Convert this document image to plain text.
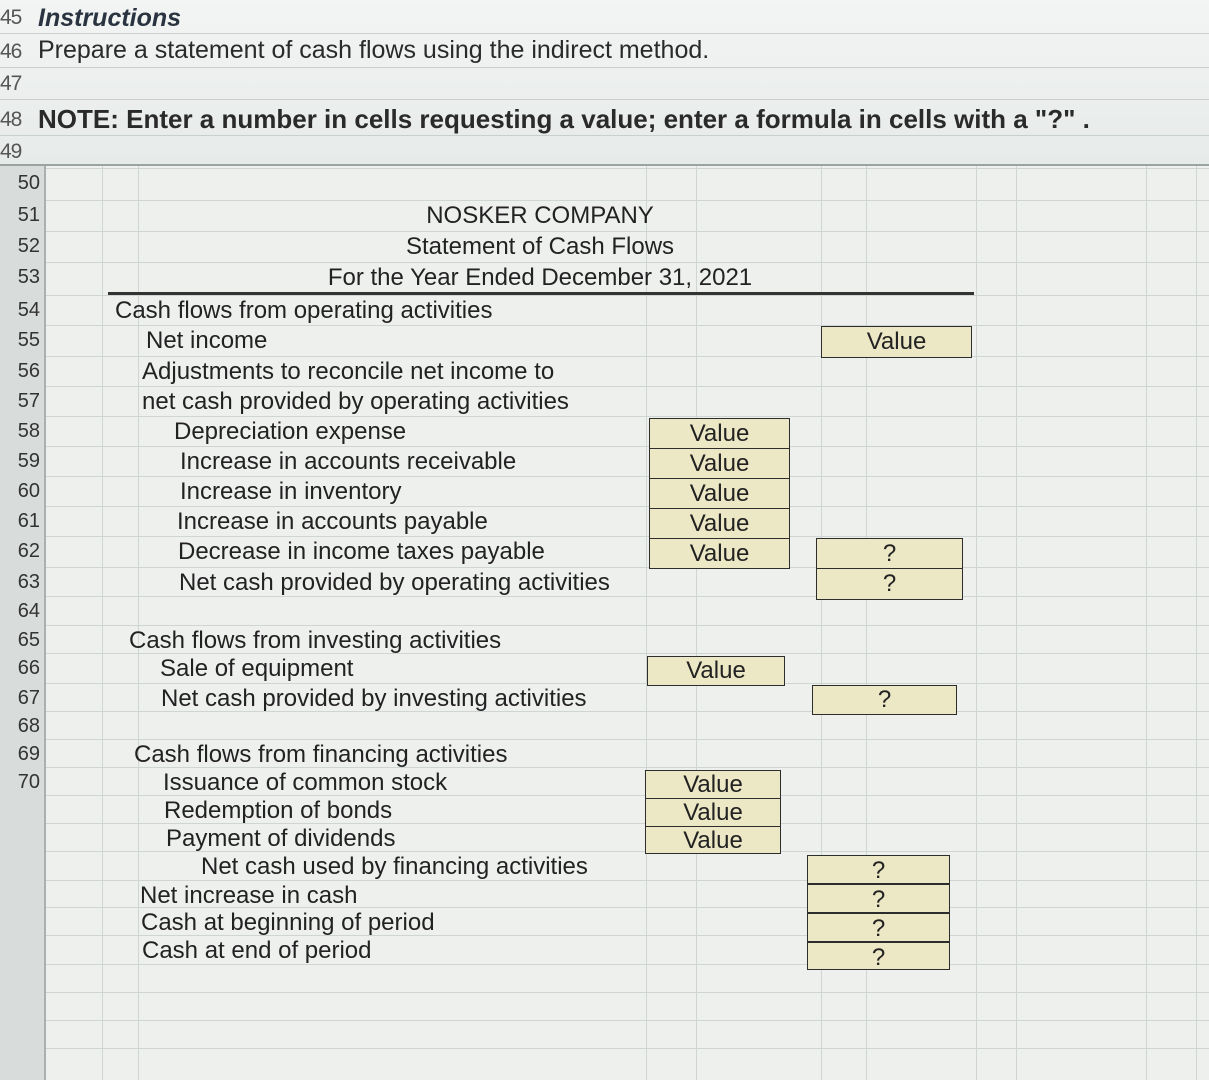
45
46
47
48
49
Instructions
Prepare a statement of cash flows using the indirect method.
NOTE: Enter a number in cells requesting a value; enter a formula in cells with a "?" .
50
51
52
53
54
55
56
57
58
59
60
61
62
63
64
65
66
67
68
69
70
NOSKER COMPANY
Statement of Cash Flows
For the Year Ended December 31, 2021
Cash flows from operating activities
Net income
Adjustments to reconcile net income to
net cash provided by operating activities
Depreciation expense
Increase in accounts receivable
Increase in inventory
Increase in accounts payable
Decrease in income taxes payable
Net cash provided by operating activities
Cash flows from investing activities
Sale of equipment
Net cash provided by investing activities
Cash flows from financing activities
Issuance of common stock
Redemption of bonds
Payment of dividends
Net cash used by financing activities
Net increase in cash
Cash at beginning of period
Cash at end of period
Value
Value
Value
Value
Value
Value	?
?
Value
?
Value
Value
Value
?
?
?
?
